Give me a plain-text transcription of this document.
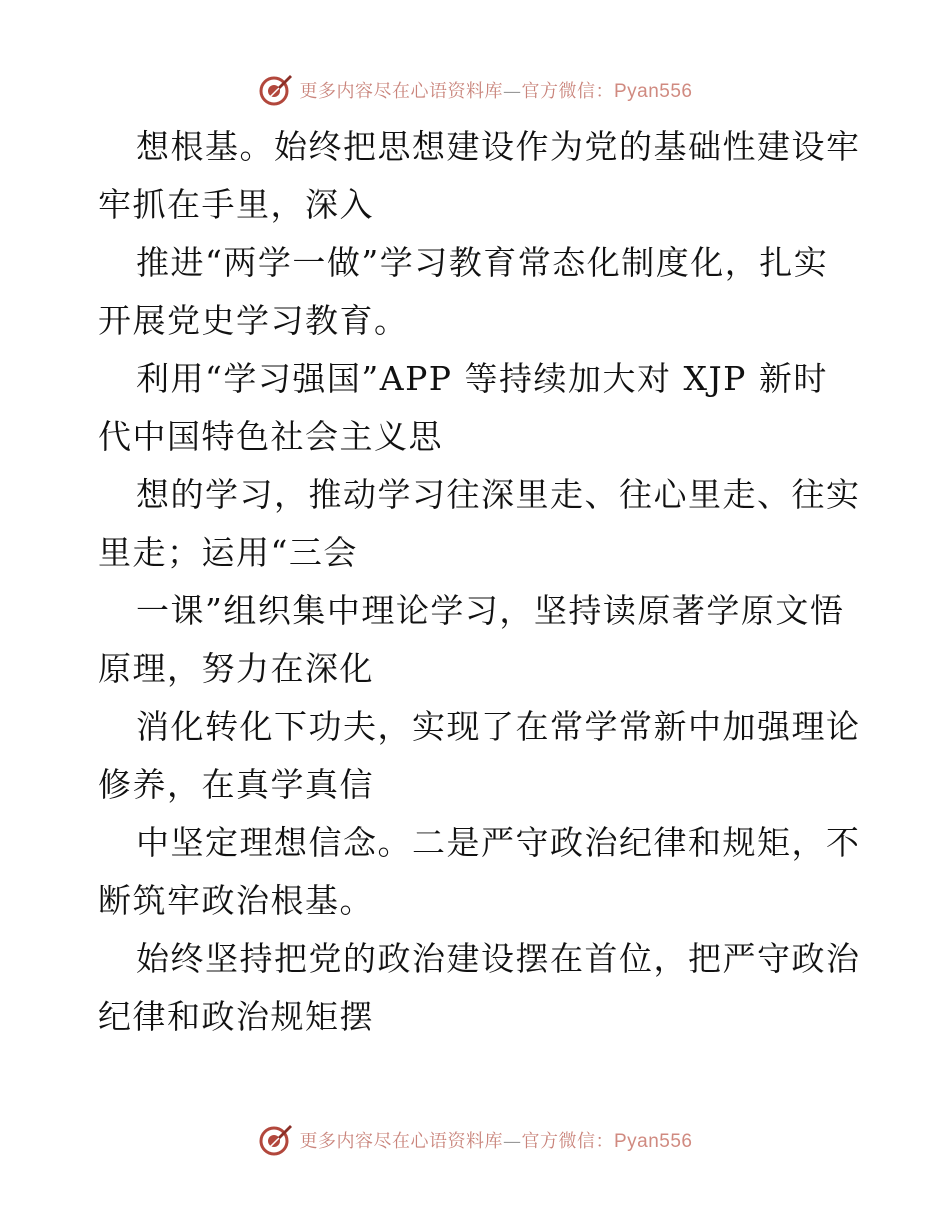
更多内容尽在心语资料库—官方微信：Pyan556

想根基。始终把思想建设作为党的基础性建设牢
牢抓在手里，深入

推进“两学一做”学习教育常态化制度化，扎实
开展党史学习教育。

利用“学习强国”APP 等持续加大对 XJP 新时
代中国特色社会主义思

想的学习，推动学习往深里走、往心里走、往实
里走；运用“三会

一课”组织集中理论学习，坚持读原著学原文悟
原理，努力在深化

消化转化下功夫，实现了在常学常新中加强理论
修养，在真学真信

中坚定理想信念。二是严守政治纪律和规矩，不
断筑牢政治根基。

始终坚持把党的政治建设摆在首位，把严守政治
纪律和政治规矩摆

更多内容尽在心语资料库—官方微信：Pyan556
